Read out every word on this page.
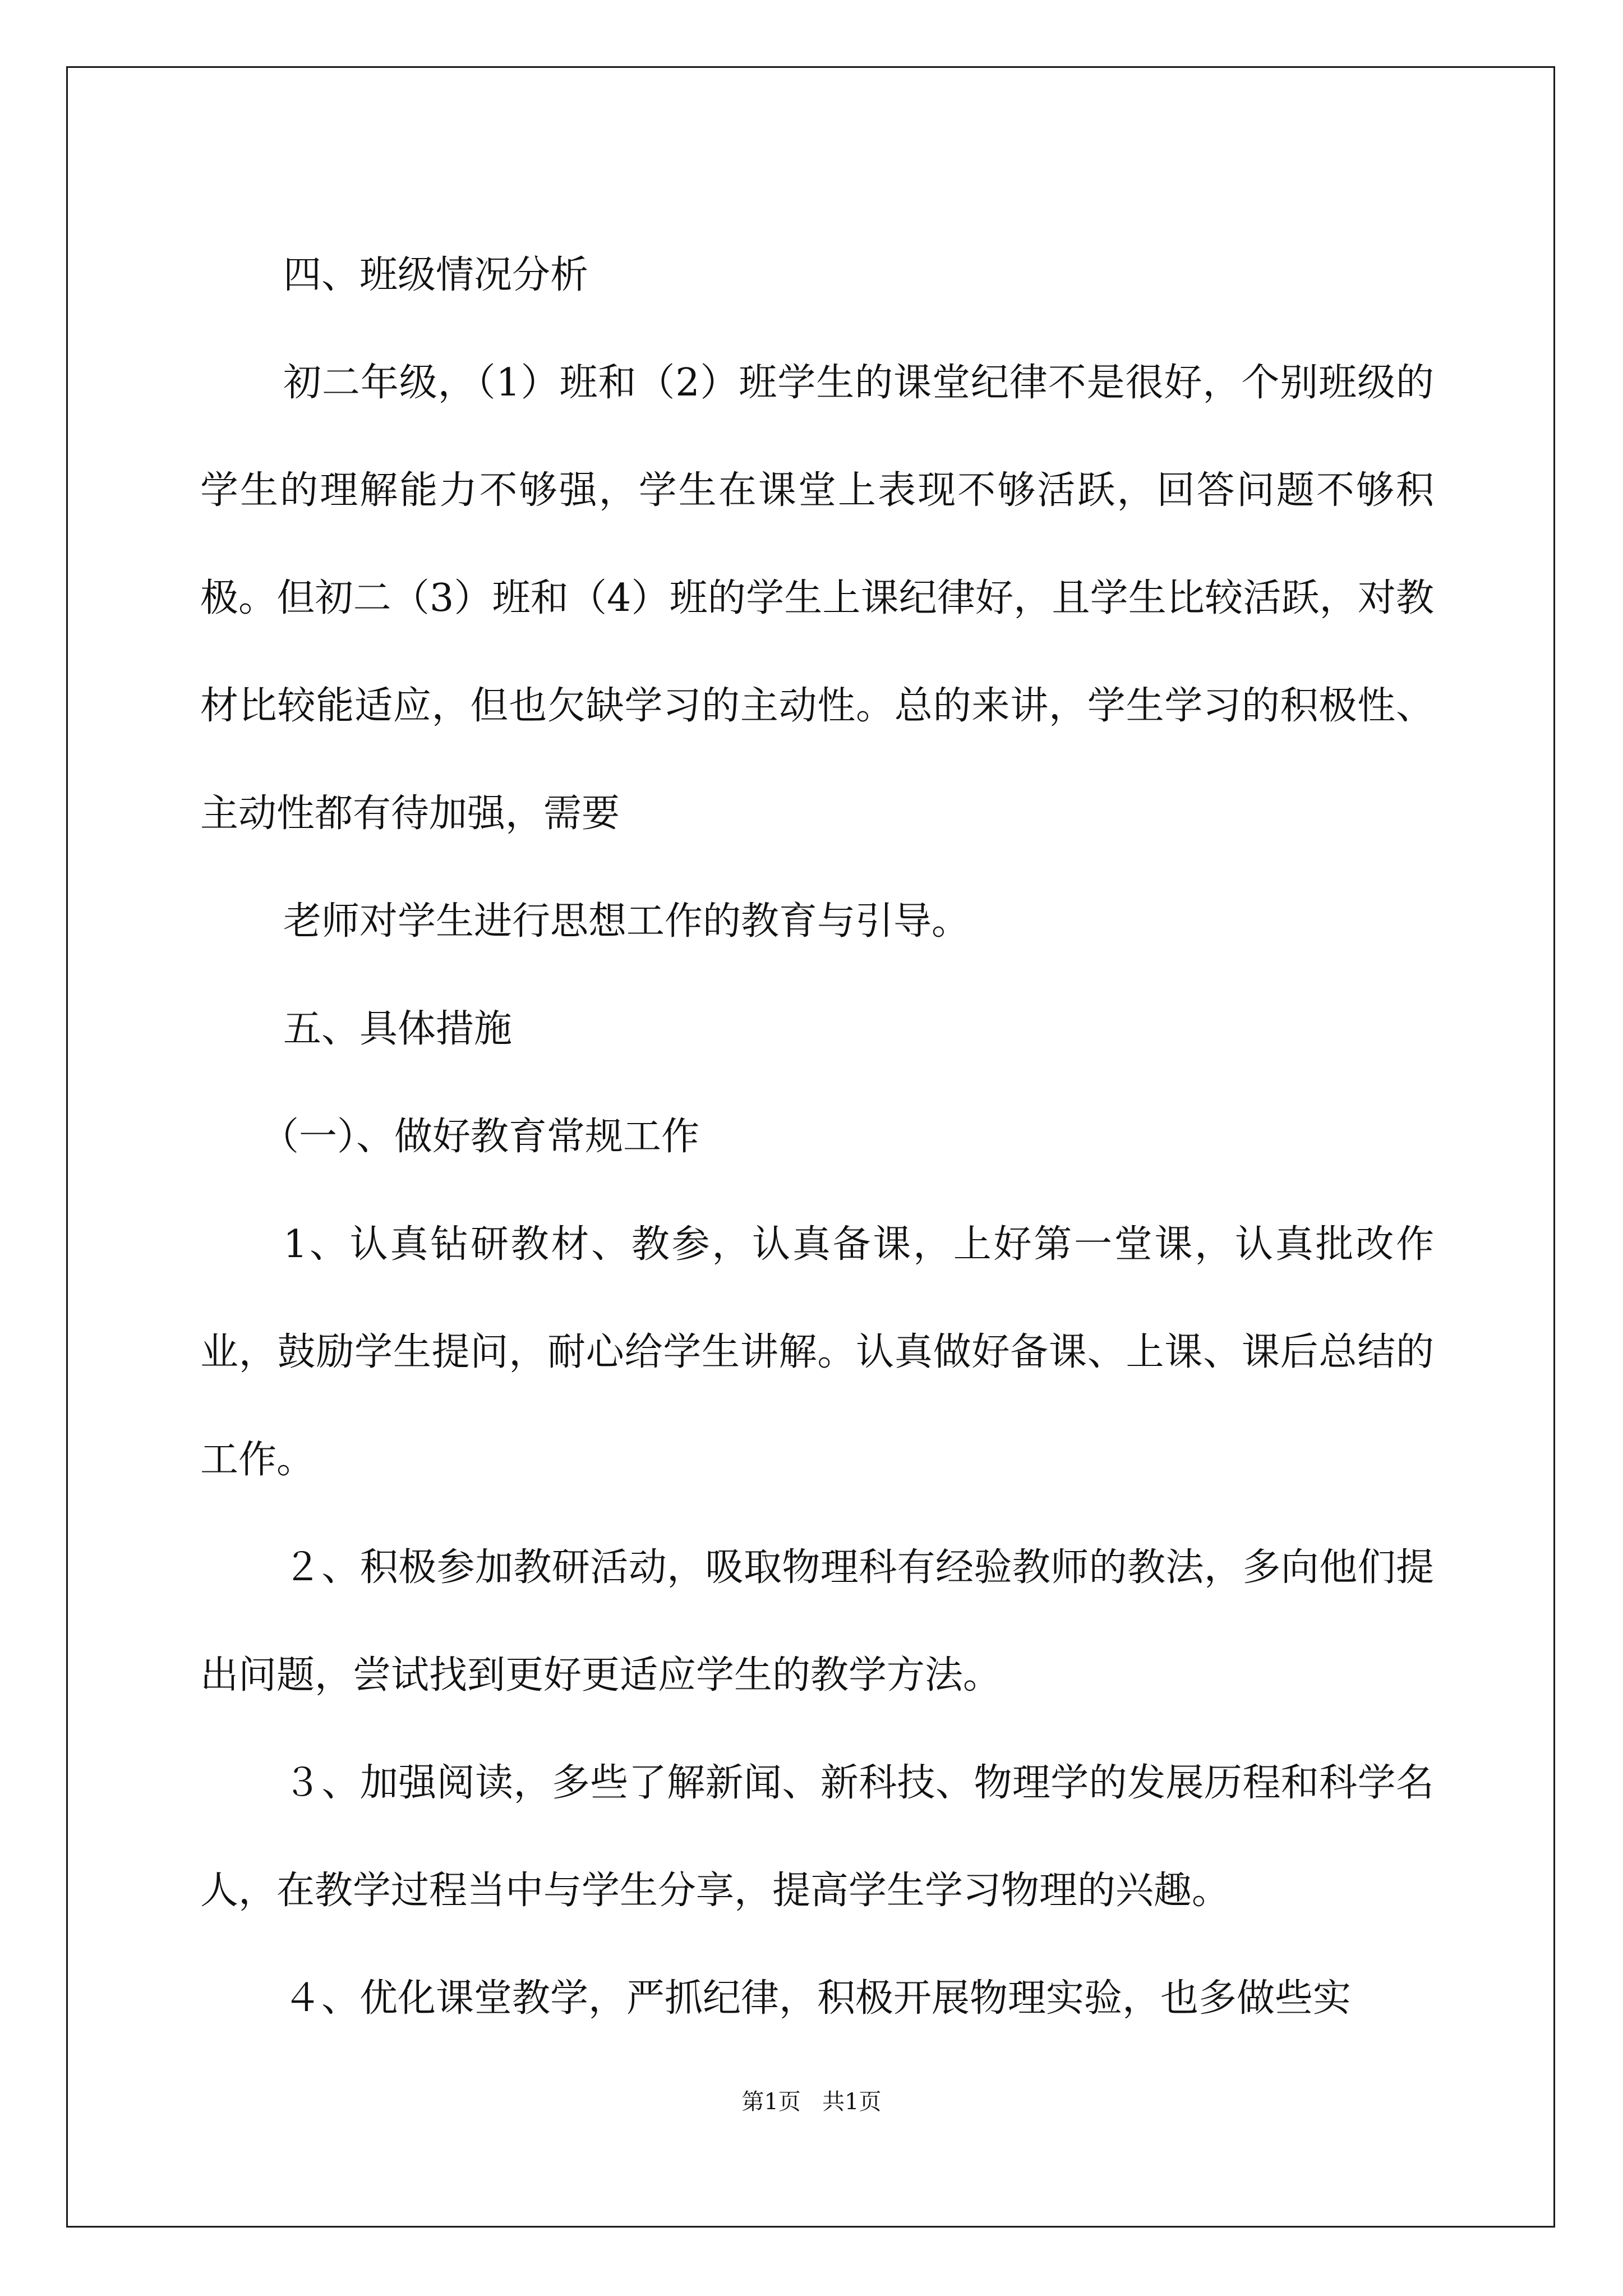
四、班级情况分析

初二年级，（1）班和（2）班学生的课堂纪律不是很好，个别班级的学生的理解能力不够强，学生在课堂上表现不够活跃，回答问题不够积极。但初二（3）班和（4）班的学生上课纪律好，且学生比较活跃，对教材比较能适应，但也欠缺学习的主动性。总的来讲，学生学习的积极性、主动性都有待加强，需要

老师对学生进行思想工作的教育与引导。

五、具体措施

（一）、做好教育常规工作

1、认真钻研教材、教参，认真备课，上好第一堂课，认真批改作业，鼓励学生提问，耐心给学生讲解。认真做好备课、上课、课后总结的工作。

２、积极参加教研活动，吸取物理科有经验教师的教法，多向他们提出问题，尝试找到更好更适应学生的教学方法。

３、加强阅读，多些了解新闻、新科技、物理学的发展历程和科学名人，在教学过程当中与学生分享，提高学生学习物理的兴趣。

４、优化课堂教学，严抓纪律，积极开展物理实验，也多做些实

第1页 共1页
